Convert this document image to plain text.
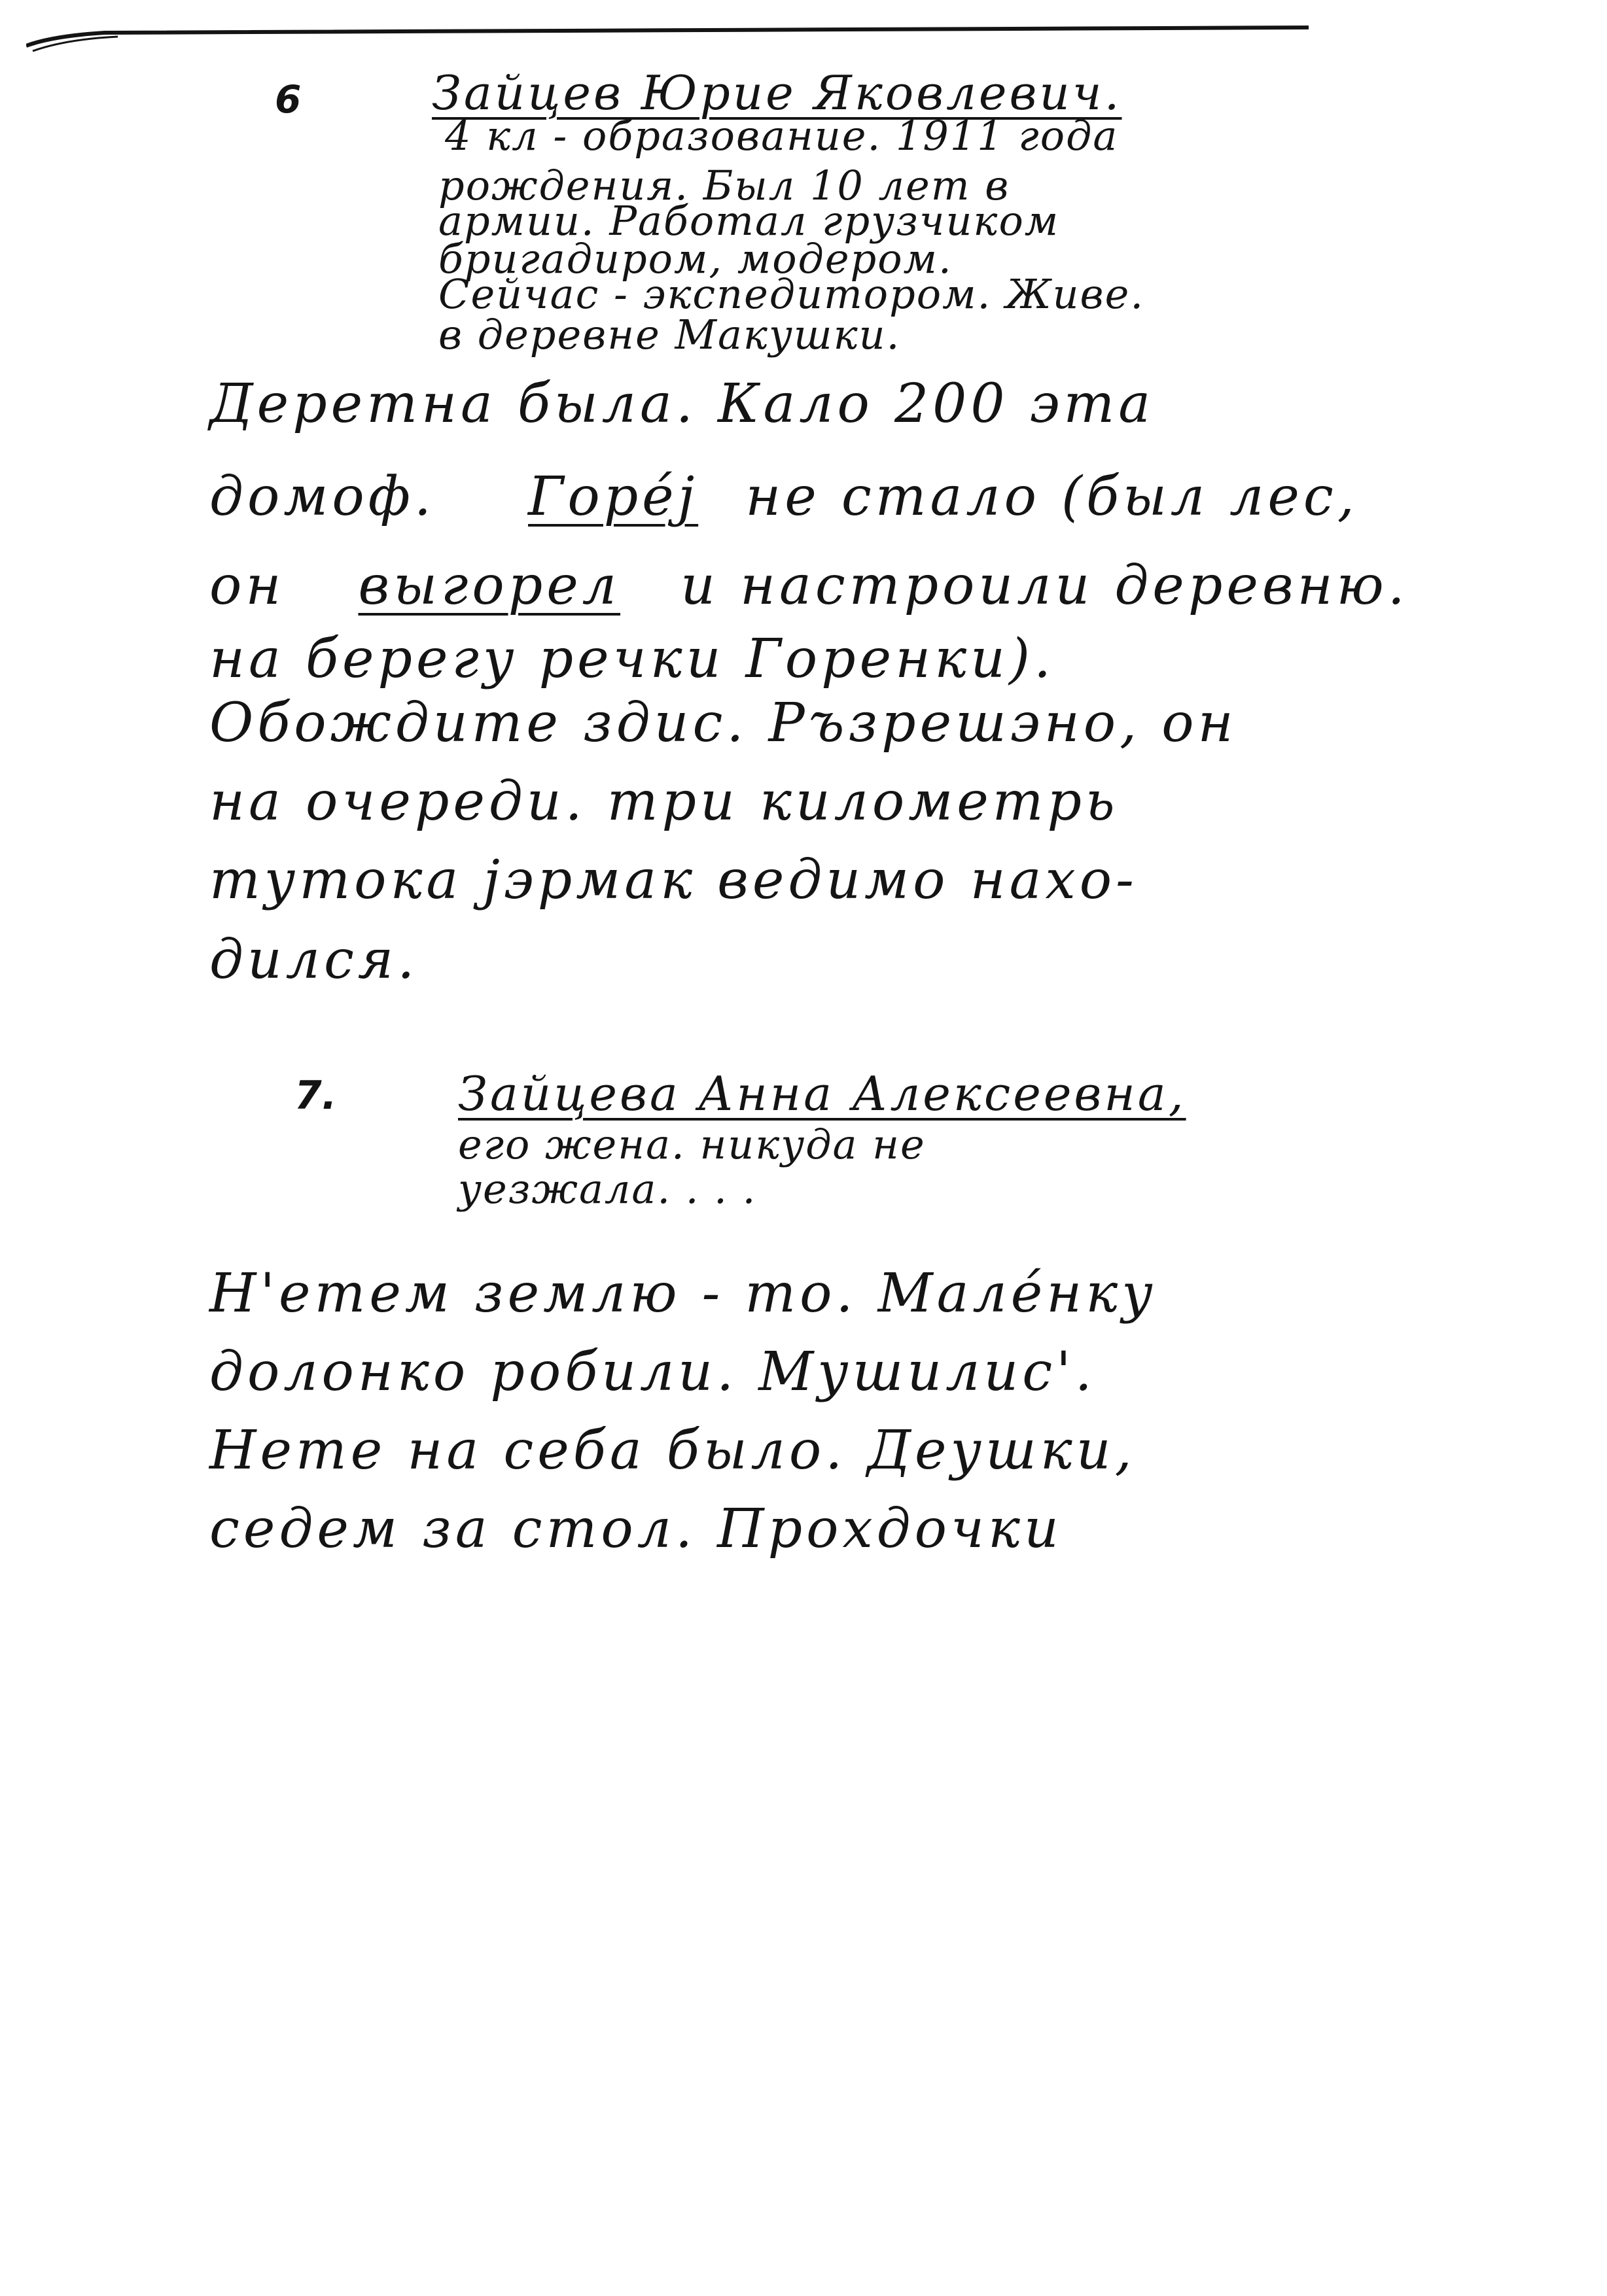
6	Зайцев Юрие Яковлевич.
4 кл - образование. 1911 года
рождения. Был 10 лет в
армии. Работал грузчиком
бригадиром, модером.
Сейчас - экспедитором. Живе.
в деревне Макушки.
Дереmна была. Кало 200 эта
домоф. Горе́ј не стало (был лес,
он выгорел и настроили деревню.
на берегу речки Горенки).
Обождите здис. Ръзрешэно, он
на очереди. три километрь
тутока јэрмак ведимо нахо-
дился.
7.	Зайцева Анна Алексеевна,
его жена. никуда не
уезжала. . . .
Н'етем землю - то. Мале́нку
долонко робили. Мушилис'.
Нете на себа было. Деушки,
седем за стол. Прохдочки
